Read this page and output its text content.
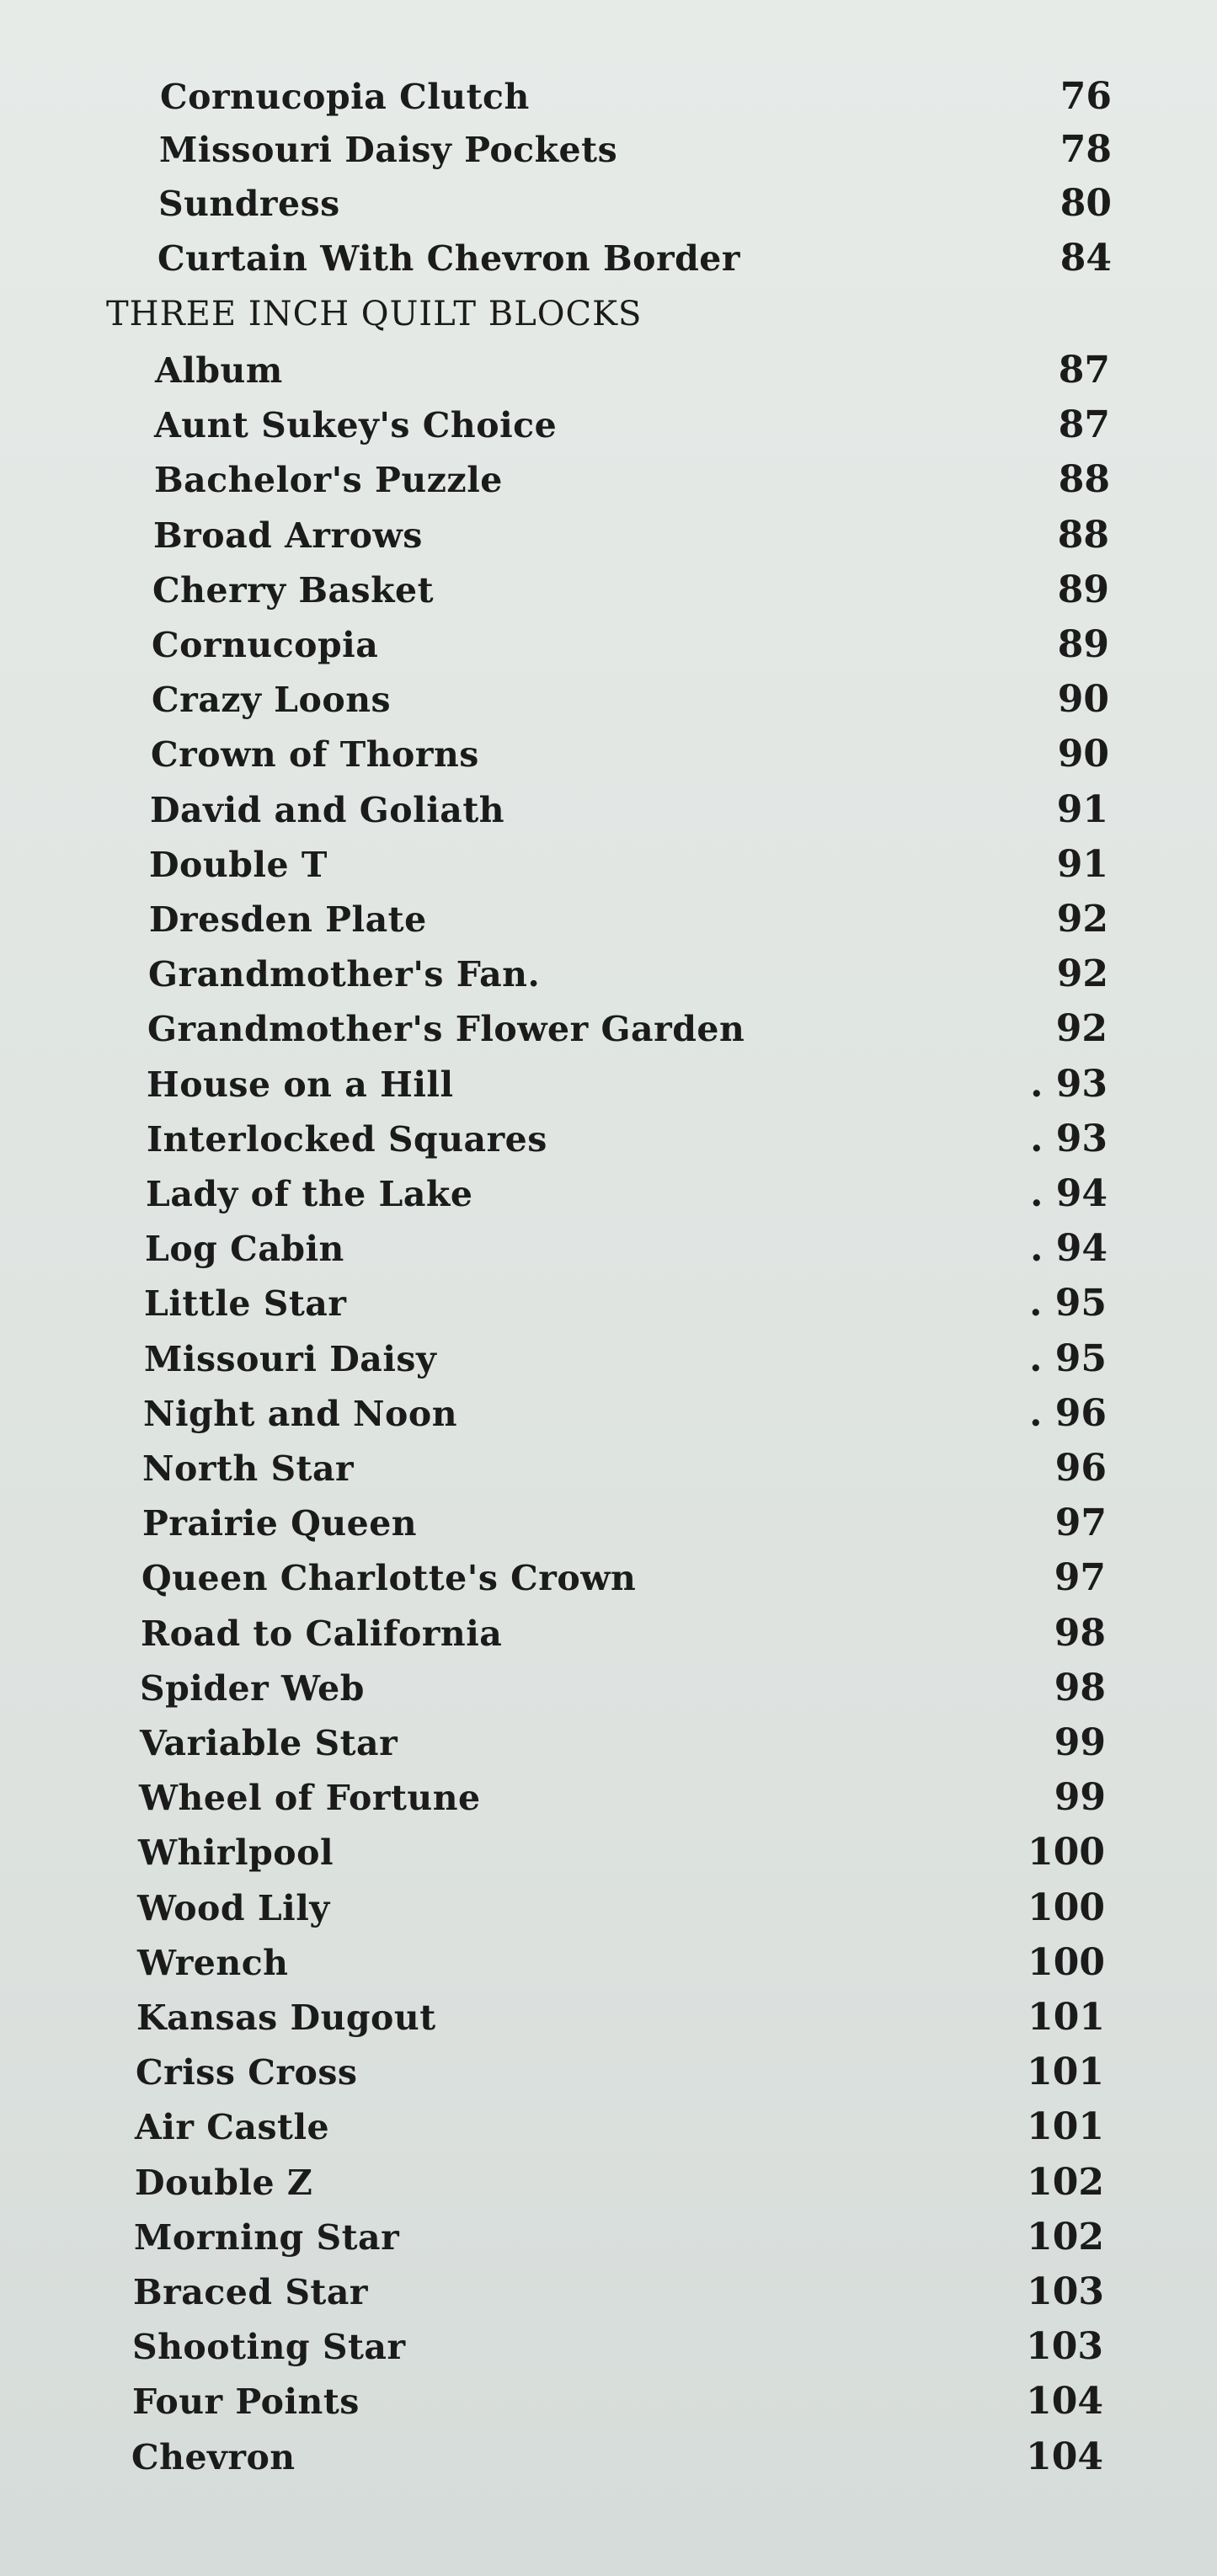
Cornucopia Clutch	76
Missouri Daisy Pockets	78
Sundress	80
Curtain With Chevron Border	84
THREE INCH QUILT BLOCKS
Album	87
Aunt Sukey's Choice	87
Bachelor's Puzzle	88
Broad Arrows	88
Cherry Basket	89
Cornucopia	89
Crazy Loons	90
Crown of Thorns	90
David and Goliath	91
Double T	91
Dresden Plate	92
Grandmother's Fan.	92
Grandmother's Flower Garden	92
House on a Hill	. 93
Interlocked Squares	. 93
Lady of the Lake	. 94
Log Cabin	. 94
Little Star	. 95
Missouri Daisy	. 95
Night and Noon	. 96
North Star	96
Prairie Queen	97
Queen Charlotte's Crown	97
Road to California	98
Spider Web	98
Variable Star	99
Wheel of Fortune	99
Whirlpool	100
Wood Lily	100
Wrench	100
Kansas Dugout	101
Criss Cross	101
Air Castle	101
Double Z	102
Morning Star	102
Braced Star	103
Shooting Star	103
Four Points	104
Chevron	104
